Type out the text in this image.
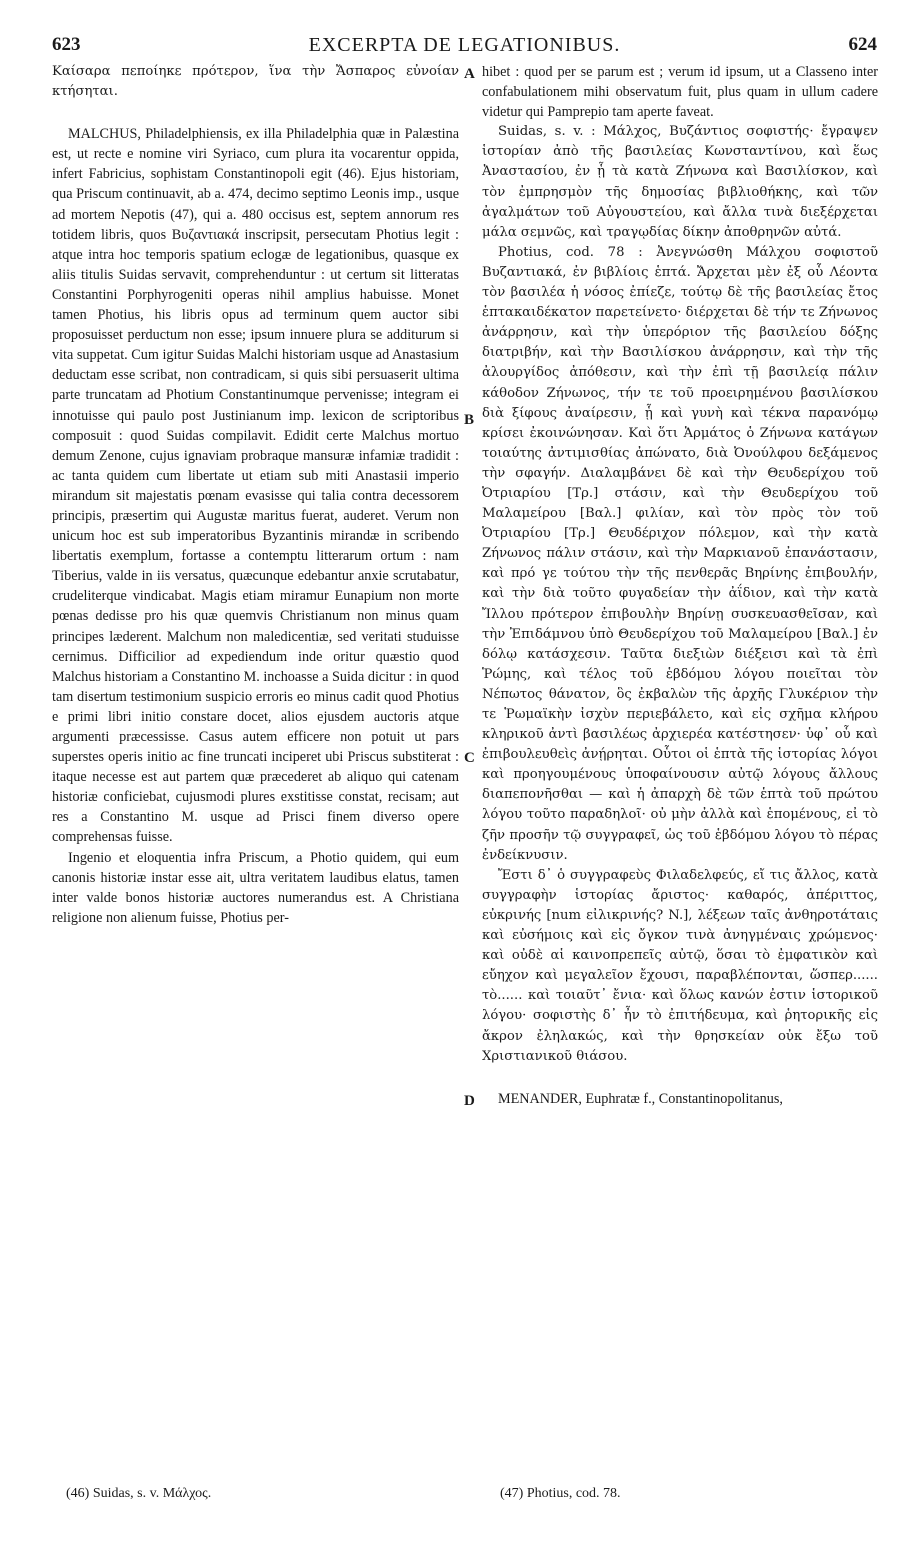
623	EXCERPTA DE LEGATIONIBUS.	624

Καίσαρα πεποίηκε πρότερον, ἵνα τὴν Ἄσπαρος εὐνοίαν κτήσηται.

MALCHUS, Philadelphiensis, ex illa Philadelphia quæ in Palæstina est, ut recte e nomine viri Syriaco, cum plura ita vocarentur oppida, infert Fabricius, sophistam Constantinopoli egit (46). Ejus historiam, qua Priscum continuavit, ab a. 474, decimo septimo Leonis imp., usque ad mortem Nepotis (47), qui a. 480 occisus est, septem annorum res totidem libris, quos Βυζαντιακά inscripsit, persecutam Photius legit : atque intra hoc temporis spatium eclogæ de legationibus, quasque ex aliis titulis Suidas servavit, comprehenduntur : ut certum sit litteratas Constantini Porphyrogeniti operas nihil amplius habuisse. Monet tamen Photius, his libris opus ad terminum quem auctor sibi proposuisset perductum non esse; ipsum innuere plura se additurum si vita suppetat. Cum igitur Suidas Malchi historiam usque ad Anastasium deductam esse scribat, non contradicam, si quis sibi persuaserit ultima parte truncatam ad Photium Constantinumque pervenisse; integram ei innotuisse qui paulo post Justinianum imp. lexicon de scriptoribus composuit : quod Suidas compilavit. Edidit certe Malchus mortuo demum Zenone, cujus ignaviam probraque mansuræ infamiæ tradidit : ac tanta quidem cum libertate ut etiam sub miti Anastasii imperio mirandum sit majestatis pœnam evasisse qui talia contra decessorem principis, præsertim qui Augustæ maritus fuerat, auderet. Verum non unicum hoc est sub imperatoribus Byzantinis mirandæ in scribendo libertatis exemplum, fortasse a contemptu litterarum ortum : nam Tiberius, valde in iis versatus, quæcunque edebantur anxie scrutabatur, crudeliterque vindicabat. Magis etiam miramur Eunapium non morte pœnas dedisse pro his quæ quemvis Christianum non minus quam principes læderent. Malchum non maledicentiæ, sed veritati studuisse cernimus. Difficilior ad expediendum inde oritur quæstio quod Malchus historiam a Constantino M. inchoasse a Suida dicitur : in quod tam disertum testimonium suspicio erroris eo minus cadit quod Photius e primi libri initio constare docet, alios ejusdem auctoris atque argumenti præcessisse. Casus autem efficere non potuit ut pars superstes operis initio ac fine truncati inciperet ubi Priscus substiterat : itaque necesse est aut partem quæ præcederet ab aliquo qui catenam historiæ conficiebat, cujusmodi plures exstitisse constat, recisam; aut res a Constantino M. usque ad Prisci finem diverso opere comprehensas fuisse.

Ingenio et eloquentia infra Priscum, a Photio quidem, qui eum canonis historiæ instar esse ait, ultra veritatem laudibus elatus, tamen inter valde bonos historiæ auctores numerandus est. A Christiana religione non alienum fuisse, Photius per-

hibet : quod per se parum est ; verum id ipsum, ut a Classeno inter confabulationem mihi observatum fuit, plus quam in ullum cadere videtur qui Pamprepio tam aperte faveat.

Suidas, s. v. : Μάλχος, Βυζάντιος σοφιστής· ἔγραψεν ἱστορίαν ἀπὸ τῆς βασιλείας Κωνσταντίνου, καὶ ἕως Ἀναστασίου, ἐν ᾗ τὰ κατὰ Ζήνωνα καὶ Βασιλίσκον, καὶ τὸν ἐμπρησμὸν τῆς δημοσίας βιβλιοθήκης, καὶ τῶν ἀγαλμάτων τοῦ Αὐγουστείου, καὶ ἄλλα τινὰ διεξέρχεται μάλα σεμνῶς, καὶ τραγῳδίας δίκην ἀποθρηνῶν αὐτά.

Photius, cod. 78 : Ἀνεγνώσθη Μάλχου σοφιστοῦ Βυζαντιακά, ἐν βιβλίοις ἑπτά. Ἄρχεται μὲν ἐξ οὗ Λέοντα τὸν βασιλέα ἡ νόσος ἐπίεζε, τούτῳ δὲ τῆς βασιλείας ἔτος ἑπτακαιδέκατον παρετείνετο· διέρχεται δὲ τήν τε Ζήνωνος ἀνάρρησιν, καὶ τὴν ὑπερόριον τῆς βασιλείου δόξης διατριβήν, καὶ τὴν Βασιλίσκου ἀνάρρησιν, καὶ τὴν τῆς ἀλουργίδος ἀπόθεσιν, καὶ τὴν ἐπὶ τῇ βασιλείᾳ πάλιν κάθοδον Ζήνωνος, τήν τε τοῦ προειρημένου βασιλίσκου διὰ ξίφους ἀναίρεσιν, ᾗ καὶ γυνὴ καὶ τέκνα παρανόμῳ κρίσει ἐκοινώνησαν. Καὶ ὅτι Ἁρμάτος ὁ Ζήνωνα κατάγων τοιαύτης ἀντιμισθίας ἀπώνατο, διὰ Ὀνούλφου δεξάμενος τὴν σφαγήν. Διαλαμβάνει δὲ καὶ τὴν Θευδερίχου τοῦ Ὀτριαρίου [Τρ.] στάσιν, καὶ τὴν Θευδερίχου τοῦ Μαλαμείρου [Βαλ.] φιλίαν, καὶ τὸν πρὸς τὸν τοῦ Ὀτριαρίου [Τρ.] Θευδέριχον πόλεμον, καὶ τὴν κατὰ Ζήνωνος πάλιν στάσιν, καὶ τὴν Μαρκιανοῦ ἐπανάστασιν, καὶ πρό γε τούτου τὴν τῆς πενθερᾶς Βηρίνης ἐπιβουλήν, καὶ τὴν διὰ τοῦτο φυγαδείαν τὴν ἀΐδιον, καὶ τὴν κατὰ Ἴλλου πρότερον ἐπιβουλὴν Βηρίνῃ συσκευασθεῖσαν, καὶ τὴν Ἐπιδάμνου ὑπὸ Θευδερίχου τοῦ Μαλαμείρου [Βαλ.] ἐν δόλῳ κατάσχεσιν. Ταῦτα διεξιὼν διέξεισι καὶ τὰ ἐπὶ Ῥώμης, καὶ τέλος τοῦ ἑβδόμου λόγου ποιεῖται τὸν Νέπωτος θάνατον, ὃς ἐκβαλὼν τῆς ἀρχῆς Γλυκέριον τὴν τε Ῥωμαϊκὴν ἰσχὺν περιεβάλετο, καὶ εἰς σχῆμα κλήρου κληρικοῦ ἀντὶ βασιλέως ἀρχιερέα κατέστησεν· ὑφ᾽ οὗ καὶ ἐπιβουλευθεὶς ἀνῄρηται. Οὗτοι οἱ ἑπτὰ τῆς ἱστορίας λόγοι καὶ προηγουμένους ὑποφαίνουσιν αὐτῷ λόγους ἄλλους διαπεπονῆσθαι — καὶ ἡ ἀπαρχὴ δὲ τῶν ἑπτὰ τοῦ πρώτου λόγου τοῦτο παραδηλοῖ· οὐ μὴν ἀλλὰ καὶ ἑπομένους, εἰ τὸ ζῆν προσῆν τῷ συγγραφεῖ, ὡς τοῦ ἑβδόμου λόγου τὸ πέρας ἐνδείκνυσιν.

Ἔστι δ᾽ ὁ συγγραφεὺς Φιλαδελφεύς, εἴ τις ἄλλος, κατὰ συγγραφὴν ἱστορίας ἄριστος· καθαρός, ἀπέριττος, εὐκρινής [num εἰλικρινής? N.], λέξεων ταῖς ἀνθηροτάταις καὶ εὐσήμοις καὶ εἰς ὄγκον τινὰ ἀνηγμέναις χρώμενος· καὶ οὐδὲ αἱ καινοπρεπεῖς αὐτῷ, ὅσαι τὸ ἐμφατικὸν καὶ εὔηχον καὶ μεγαλεῖον ἔχουσι, παραβλέπονται, ὥσπερ...... τὸ...... καὶ τοιαῦτ᾽ ἔνια· καὶ ὅλως κανών ἐστιν ἱστορικοῦ λόγου· σοφιστὴς δ᾽ ἦν τὸ ἐπιτήδευμα, καὶ ῥητορικῆς εἰς ἄκρον ἐληλακώς, καὶ τὴν θρησκείαν οὐκ ἔξω τοῦ Χριστιανικοῦ θιάσου.

MENANDER, Euphratæ f., Constantinopolitanus,

A
B
C
D
(46) Suidas, s. v. Μάλχος.	(47) Photius, cod. 78.
